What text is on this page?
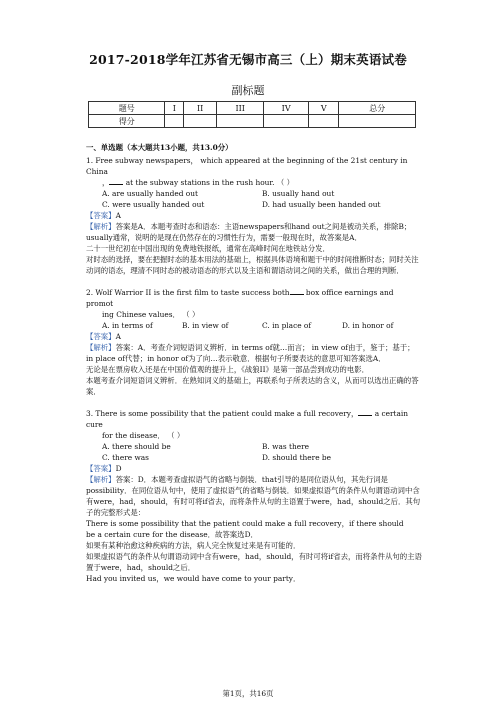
2017-2018学年江苏省无锡市高三（上）期末英语试卷
副标题
题号	I	II	III	IV	V	总分
得分						

一、单选题（本大题共13小题，共13.0分）

1. Free subway newspapers， which appeared at the beginning of the 21st century in China

， at the subway stations in the rush hour. （ ）

A. are usually handed out	B. usually hand out
C. were usually handed out	D. had usually been handed out

【答案】A

【解析】答案是A．本题考查时态和语态：主语newspapers和hand out之间是被动关系，排除B；usually通常，说明的是现在仍然存在的习惯性行为，需要一般现在时，故答案是A．

二十一世纪初在中国出现的免费地铁报纸，通常在高峰时间在地铁站分发．

对时态的选择，要在把握时态的基本用法的基础上，根据具体语境和题干中的时间推断时态；同时关注动词的语态，理清不同时态的被动语态的形式以及主语和谓语动词之间的关系，做出合理的判断．

2. Wolf Warrior II is the first film to taste success both box office earnings and promot

ing Chinese values． （ ）

A. in terms of	B. in view of	C. in place of	D. in honor of

【答案】A

【解析】答案：A．考查介词短语词义辨析．in terms of就…而言； in view of由于，鉴于；基于； in place of代替；in honor of为了向…表示敬意．根据句子所要表达的意思可知答案选A．

无论是在票房收入还是在中国价值观的提升上，《战狼II》是第一部品尝到成功的电影．

本题考查介词短语词义辨析．在熟知词义的基础上，再联系句子所表达的含义，从而可以选出正确的答案．

3. There is some possibility that the patient could make a full recovery， a certain cure

for the disease． （ ）

A. there should be	B. was there
C. there was	D. should there be

【答案】D

【解析】答案：D．本题考查虚拟语气的省略与倒装．that引导的是同位语从句，其先行词是possibility．在同位语从句中，使用了虚拟语气的省略与倒装．如果虚拟语气的条件从句谓语动词中含有were，had，should，有时可将if省去，而将条件从句的主语置于were，had，should之后．其句子的完整形式是：

There is some possibility that the patient could make a full recovery，if there should

be a certain cure for the disease．故答案选D．

如果有某种治愈这种疾病的方法，病人完全恢复过来是有可能的．

如果虚拟语气的条件从句谓语动词中含有were，had，should，有时可将if省去，而将条件从句的主语置于were，had，should之后．

Had you invited us，we would have come to your party．

第1页，共16页
